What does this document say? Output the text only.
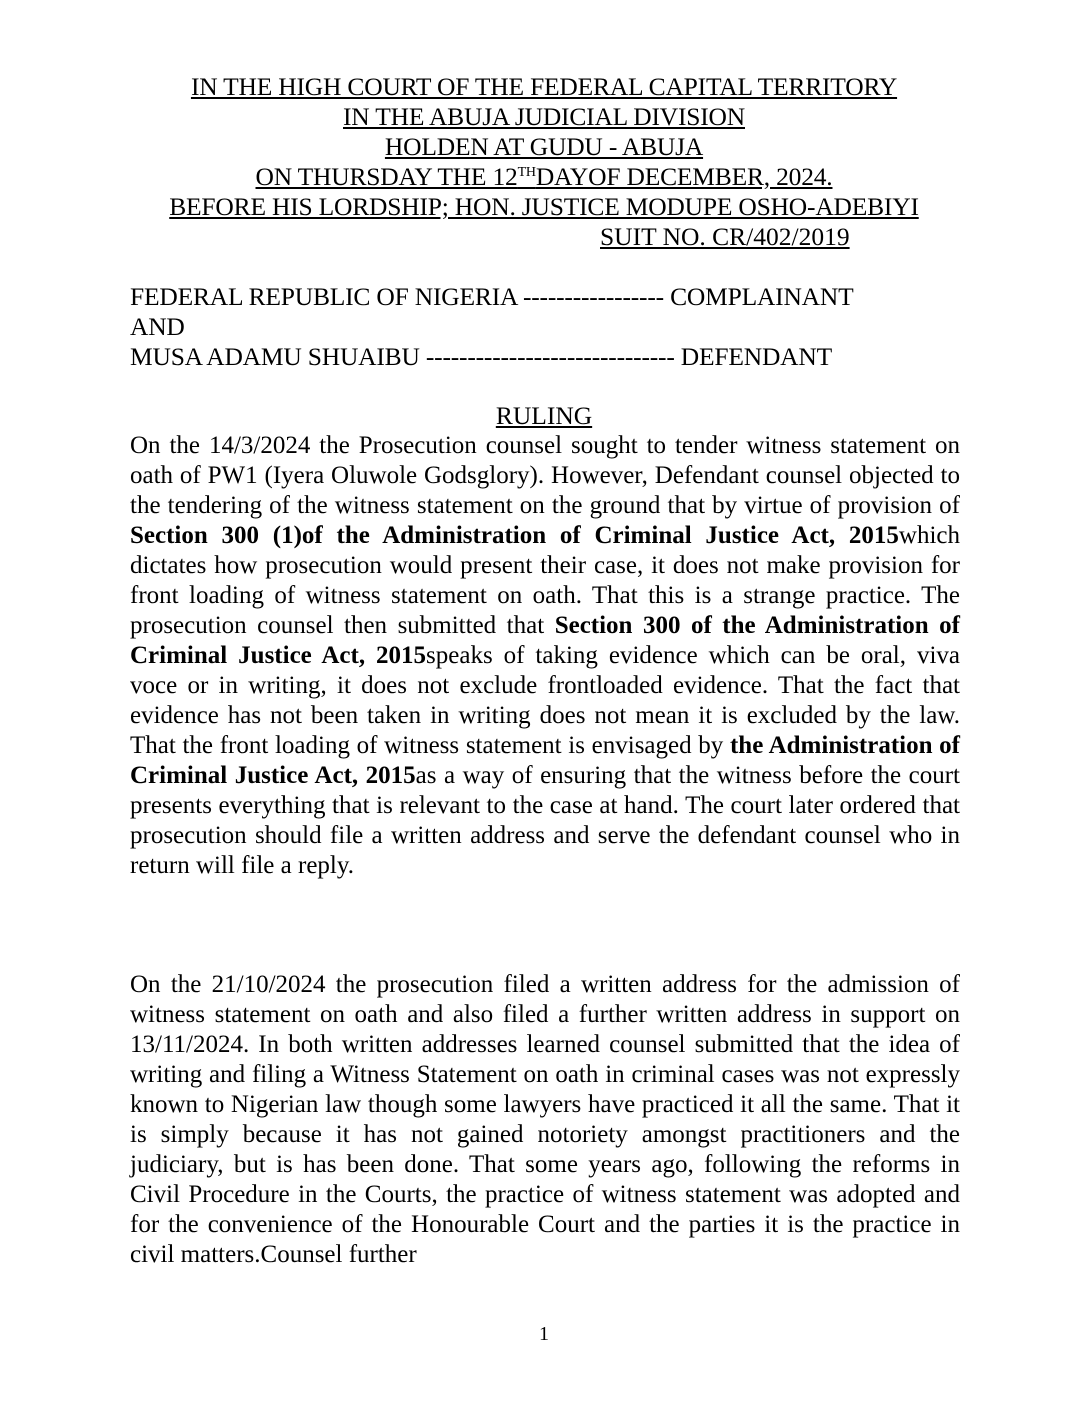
IN THE HIGH COURT OF THE FEDERAL CAPITAL TERRITORY
IN THE ABUJA JUDICIAL DIVISION
HOLDEN AT GUDU - ABUJA
ON THURSDAY THE 12THDAYOF DECEMBER, 2024.
BEFORE HIS LORDSHIP; HON. JUSTICE MODUPE OSHO-ADEBIYI
SUIT NO. CR/402/2019
FEDERAL REPUBLIC OF NIGERIA ----------------- COMPLAINANT
AND
MUSA ADAMU SHUAIBU ------------------------------ DEFENDANT
RULING

On the 14/3/2024 the Prosecution counsel sought to tender witness statement on oath of PW1 (Iyera Oluwole Godsglory). However, Defendant counsel objected to the tendering of the witness statement on the ground that by virtue of provision of Section 300 (1)of the Administration of Criminal Justice Act, 2015which dictates how prosecution would present their case, it does not make provision for front loading of witness statement on oath. That this is a strange practice. The prosecution counsel then submitted that Section 300 of the Administration of Criminal Justice Act, 2015speaks of taking evidence which can be oral, viva voce or in writing, it does not exclude frontloaded evidence. That the fact that evidence has not been taken in writing does not mean it is excluded by the law. That the front loading of witness statement is envisaged by the Administration of Criminal Justice Act, 2015as a way of ensuring that the witness before the court presents everything that is relevant to the case at hand. The court later ordered that prosecution should file a written address and serve the defendant counsel who in return will file a reply.

On the 21/10/2024 the prosecution filed a written address for the admission of witness statement on oath and also filed a further written address in support on 13/11/2024. In both written addresses learned counsel submitted that the idea of writing and filing a Witness Statement on oath in criminal cases was not expressly known to Nigerian law though some lawyers have practiced it all the same. That it is simply because it has not gained notoriety amongst practitioners and the judiciary, but is has been done. That some years ago, following the reforms in Civil Procedure in the Courts, the practice of witness statement was adopted and for the convenience of the Honourable Court and the parties it is the practice in civil matters.Counsel further

1
